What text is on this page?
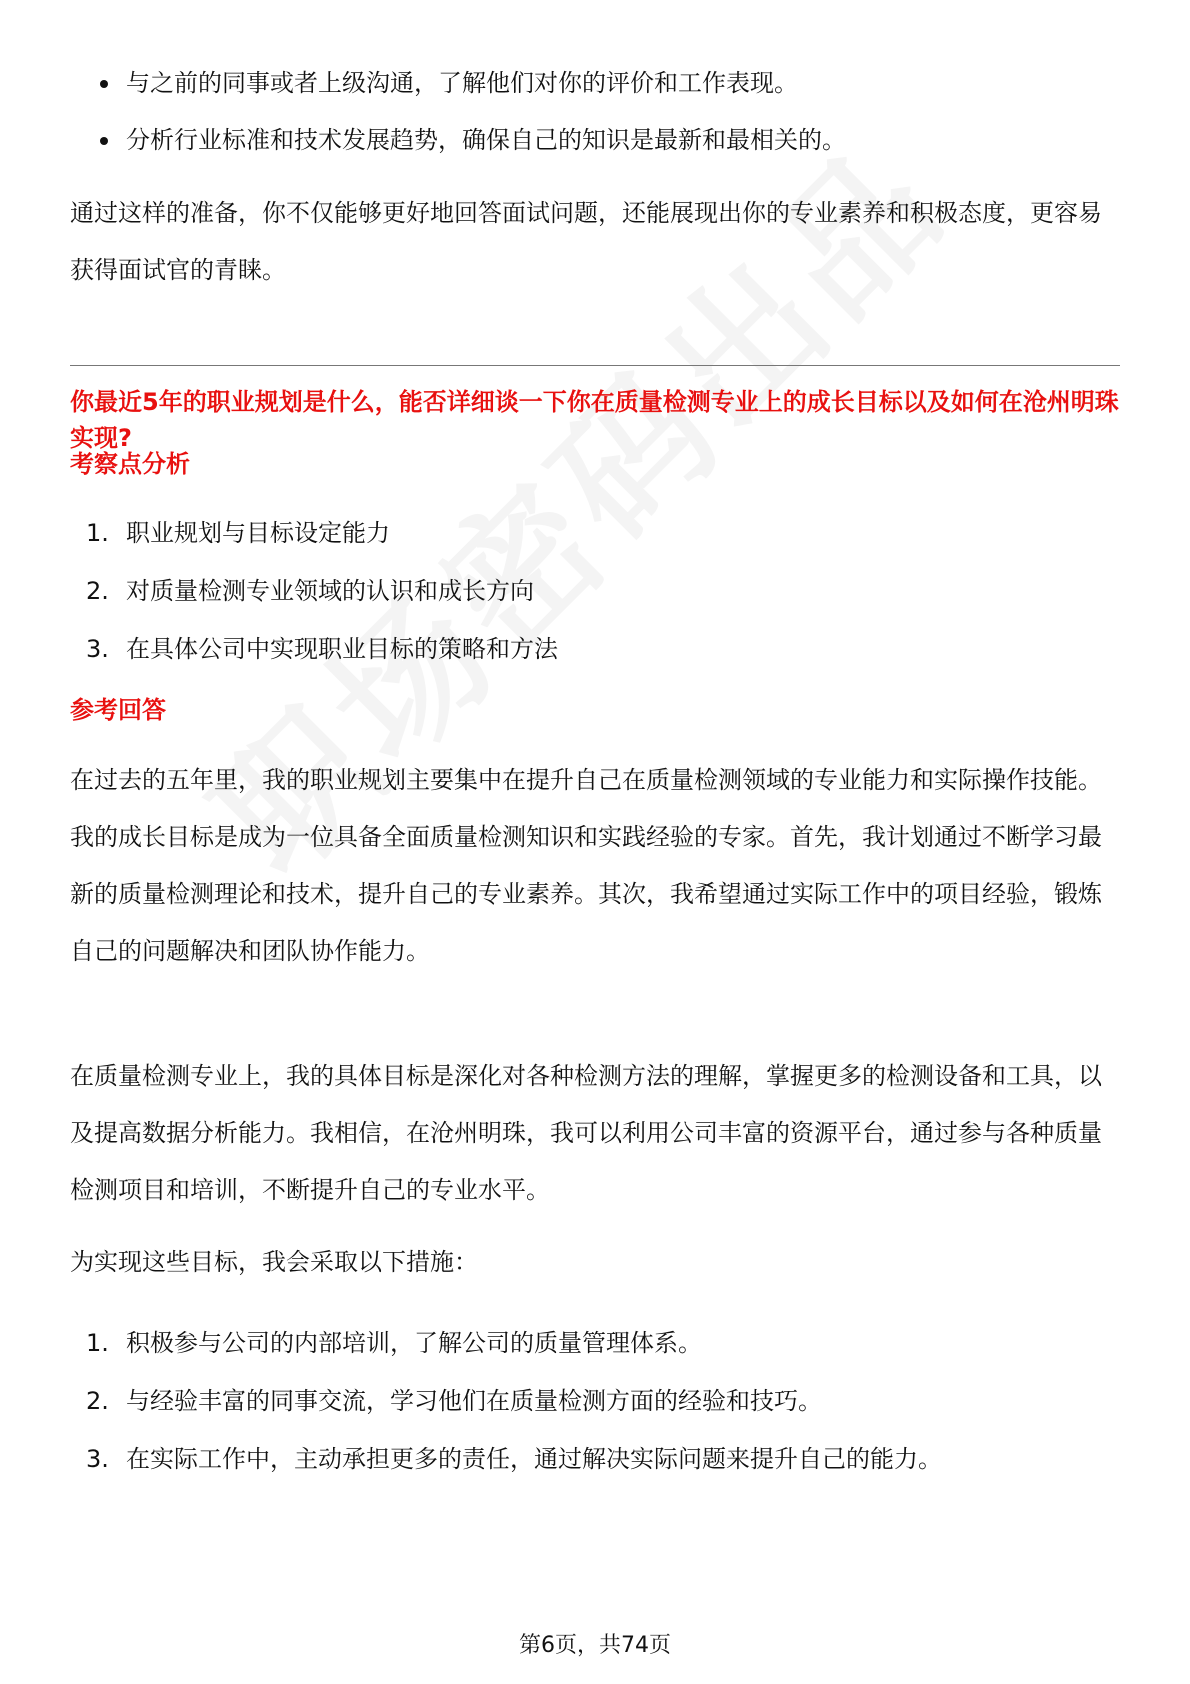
与之前的同事或者上级沟通，了解他们对你的评价和工作表现。
分析行业标准和技术发展趋势，确保自己的知识是最新和最相关的。

通过这样的准备，你不仅能够更好地回答面试问题，还能展现出你的专业素养和积极态度，更容易获得面试官的青睐。

你最近5年的职业规划是什么，能否详细谈一下你在质量检测专业上的成长目标以及如何在沧州明珠实现?

考察点分析

1. 职业规划与目标设定能力
2. 对质量检测专业领域的认识和成长方向
3. 在具体公司中实现职业目标的策略和方法

参考回答

在过去的五年里，我的职业规划主要集中在提升自己在质量检测领域的专业能力和实际操作技能。我的成长目标是成为一位具备全面质量检测知识和实践经验的专家。首先，我计划通过不断学习最新的质量检测理论和技术，提升自己的专业素养。其次，我希望通过实际工作中的项目经验，锻炼自己的问题解决和团队协作能力。

在质量检测专业上，我的具体目标是深化对各种检测方法的理解，掌握更多的检测设备和工具，以及提高数据分析能力。我相信，在沧州明珠，我可以利用公司丰富的资源平台，通过参与各种质量检测项目和培训，不断提升自己的专业水平。

为实现这些目标，我会采取以下措施：

1. 积极参与公司的内部培训，了解公司的质量管理体系。
2. 与经验丰富的同事交流，学习他们在质量检测方面的经验和技巧。
3. 在实际工作中，主动承担更多的责任，通过解决实际问题来提升自己的能力。
第6页，共74页
